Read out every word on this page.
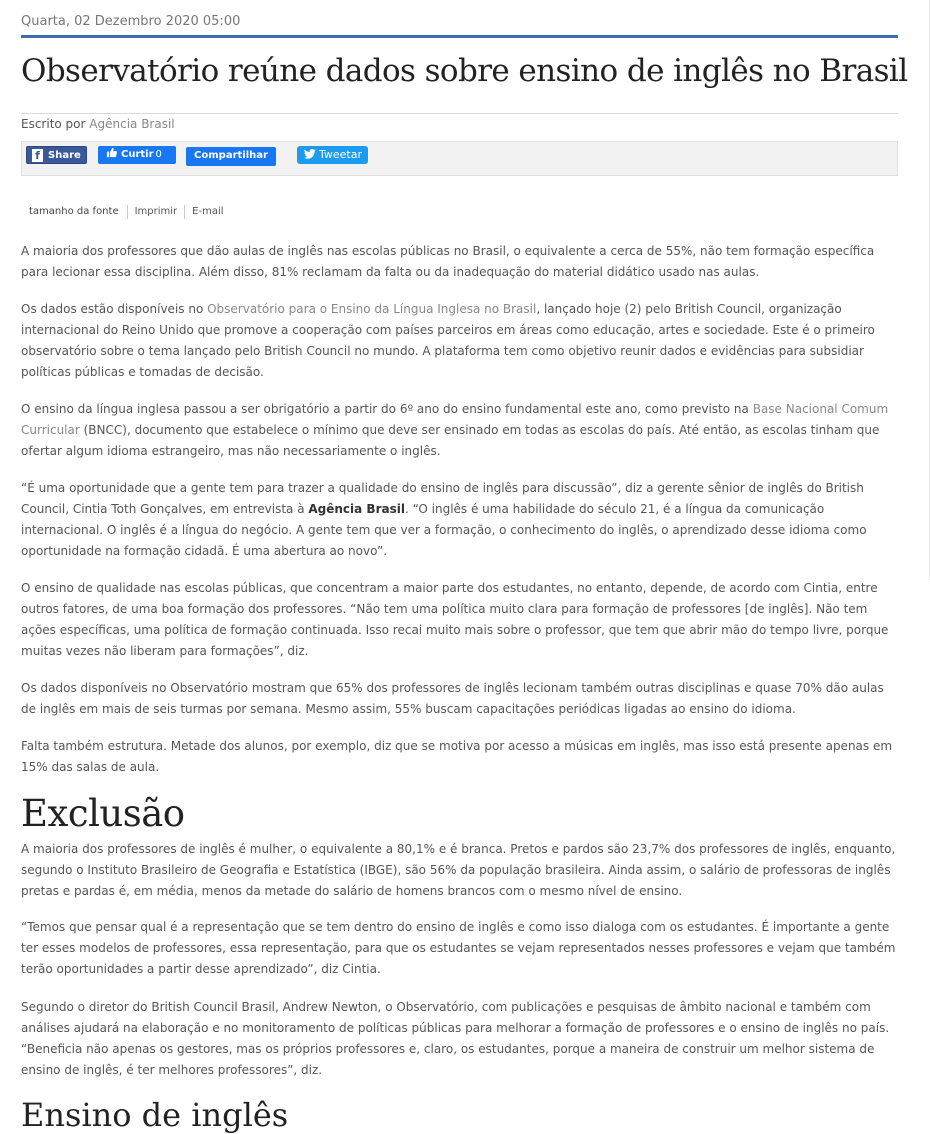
Quarta, 02 Dezembro 2020 05:00
Observatório reúne dados sobre ensino de inglês no Brasil
Escrito por Agência Brasil
f Share	Curtir 0	Compartilhar	Tweetar
tamanho da fonte Imprimir E-mail

A maioria dos professores que dão aulas de inglês nas escolas públicas no Brasil, o equivalente a cerca de 55%, não tem formação específica para lecionar essa disciplina. Além disso, 81% reclamam da falta ou da inadequação do material didático usado nas aulas.

Os dados estão disponíveis no Observatório para o Ensino da Língua Inglesa no Brasil, lançado hoje (2) pelo British Council, organização internacional do Reino Unido que promove a cooperação com países parceiros em áreas como educação, artes e sociedade. Este é o primeiro observatório sobre o tema lançado pelo British Council no mundo. A plataforma tem como objetivo reunir dados e evidências para subsidiar políticas públicas e tomadas de decisão.

O ensino da língua inglesa passou a ser obrigatório a partir do 6º ano do ensino fundamental este ano, como previsto na Base Nacional Comum Curricular (BNCC), documento que estabelece o mínimo que deve ser ensinado em todas as escolas do país. Até então, as escolas tinham que ofertar algum idioma estrangeiro, mas não necessariamente o inglês.

“É uma oportunidade que a gente tem para trazer a qualidade do ensino de inglês para discussão”, diz a gerente sênior de inglês do British Council, Cintia Toth Gonçalves, em entrevista à Agência Brasil. “O inglês é uma habilidade do século 21, é a língua da comunicação internacional. O inglês é a língua do negócio. A gente tem que ver a formação, o conhecimento do inglês, o aprendizado desse idioma como oportunidade na formação cidadã. É uma abertura ao novo”.

O ensino de qualidade nas escolas públicas, que concentram a maior parte dos estudantes, no entanto, depende, de acordo com Cintia, entre outros fatores, de uma boa formação dos professores. “Não tem uma política muito clara para formação de professores [de inglês]. Não tem ações específicas, uma política de formação continuada. Isso recai muito mais sobre o professor, que tem que abrir mão do tempo livre, porque muitas vezes não liberam para formações”, diz.

Os dados disponíveis no Observatório mostram que 65% dos professores de inglês lecionam também outras disciplinas e quase 70% dão aulas de inglês em mais de seis turmas por semana. Mesmo assim, 55% buscam capacitações periódicas ligadas ao ensino do idioma.

Falta também estrutura. Metade dos alunos, por exemplo, diz que se motiva por acesso a músicas em inglês, mas isso está presente apenas em 15% das salas de aula.

Exclusão

A maioria dos professores de inglês é mulher, o equivalente a 80,1% e é branca. Pretos e pardos são 23,7% dos professores de inglês, enquanto, segundo o Instituto Brasileiro de Geografia e Estatística (IBGE), são 56% da população brasileira. Ainda assim, o salário de professoras de inglês pretas e pardas é, em média, menos da metade do salário de homens brancos com o mesmo nível de ensino.

“Temos que pensar qual é a representação que se tem dentro do ensino de inglês e como isso dialoga com os estudantes. É importante a gente ter esses modelos de professores, essa representação, para que os estudantes se vejam representados nesses professores e vejam que também terão oportunidades a partir desse aprendizado”, diz Cintia.

Segundo o diretor do British Council Brasil, Andrew Newton, o Observatório, com publicações e pesquisas de âmbito nacional e também com análises ajudará na elaboração e no monitoramento de políticas públicas para melhorar a formação de professores e o ensino de inglês no país. “Beneficia não apenas os gestores, mas os próprios professores e, claro, os estudantes, porque a maneira de construir um melhor sistema de ensino de inglês, é ter melhores professores”, diz.

Ensino de inglês
